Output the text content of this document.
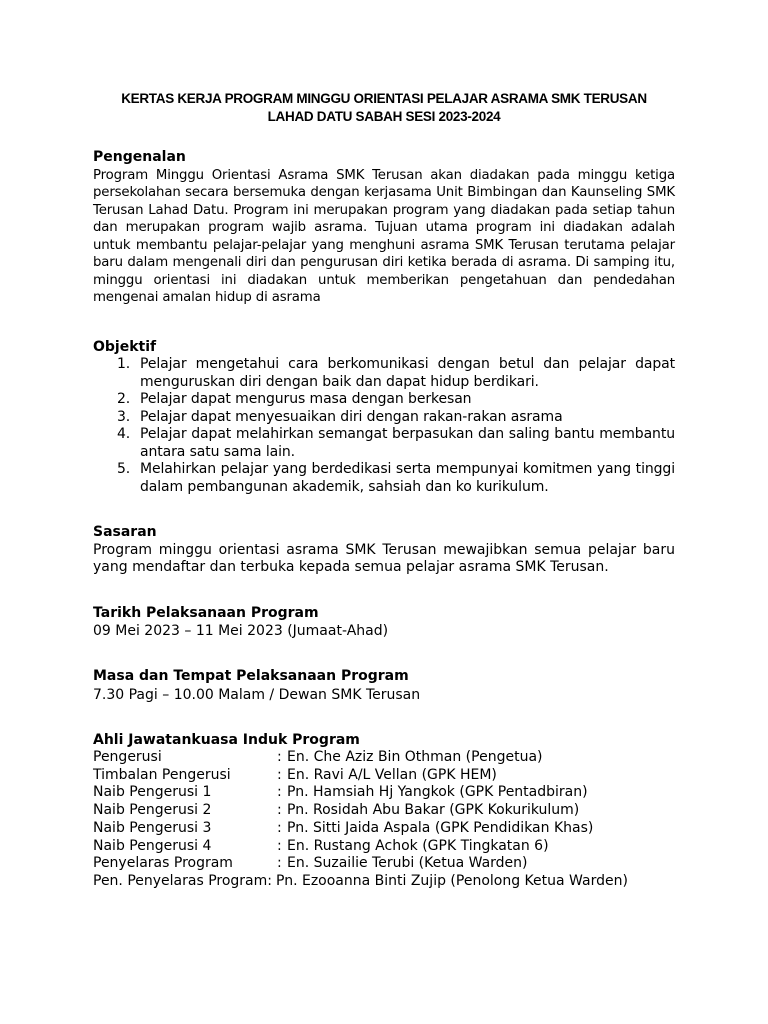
KERTAS KERJA PROGRAM MINGGU ORIENTASI PELAJAR ASRAMA SMK TERUSAN LAHAD DATU SABAH SESI 2023-2024
Pengenalan

Program Minggu Orientasi Asrama SMK Terusan akan diadakan pada minggu ketiga persekolahan secara bersemuka dengan kerjasama Unit Bimbingan dan Kaunseling SMK Terusan Lahad Datu. Program ini merupakan program yang diadakan pada setiap tahun dan merupakan program wajib asrama. Tujuan utama program ini diadakan adalah untuk membantu pelajar-pelajar yang menghuni asrama SMK Terusan terutama pelajar baru dalam mengenali diri dan pengurusan diri ketika berada di asrama. Di samping itu, minggu orientasi ini diadakan untuk memberikan pengetahuan dan pendedahan mengenai amalan hidup di asrama

Objektif
1. Pelajar mengetahui cara berkomunikasi dengan betul dan pelajar dapat menguruskan diri dengan baik dan dapat hidup berdikari.
2. Pelajar dapat mengurus masa dengan berkesan
3. Pelajar dapat menyesuaikan diri dengan rakan-rakan asrama
4. Pelajar dapat melahirkan semangat berpasukan dan saling bantu membantu antara satu sama lain.
5. Melahirkan pelajar yang berdedikasi serta mempunyai komitmen yang tinggi dalam pembangunan akademik, sahsiah dan ko kurikulum.
Sasaran

Program minggu orientasi asrama SMK Terusan mewajibkan semua pelajar baru yang mendaftar dan terbuka kepada semua pelajar asrama SMK Terusan.

Tarikh Pelaksanaan Program
09 Mei 2023 – 11 Mei 2023 (Jumaat-Ahad)
Masa dan Tempat Pelaksanaan Program
7.30 Pagi – 10.00 Malam / Dewan SMK Terusan
Ahli Jawatankuasa Induk Program
Pengerusi	: En. Che Aziz Bin Othman (Pengetua)
Timbalan Pengerusi	: En. Ravi A/L Vellan (GPK HEM)
Naib Pengerusi 1	: Pn. Hamsiah Hj Yangkok (GPK Pentadbiran)
Naib Pengerusi 2	: Pn. Rosidah Abu Bakar (GPK Kokurikulum)
Naib Pengerusi 3	: Pn. Sitti Jaida Aspala (GPK Pendidikan Khas)
Naib Pengerusi 4	: En. Rustang Achok (GPK Tingkatan 6)
Penyelaras Program	: En. Suzailie Terubi (Ketua Warden)
Pen. Penyelaras Program : Pn. Ezooanna Binti Zujip (Penolong Ketua Warden)
